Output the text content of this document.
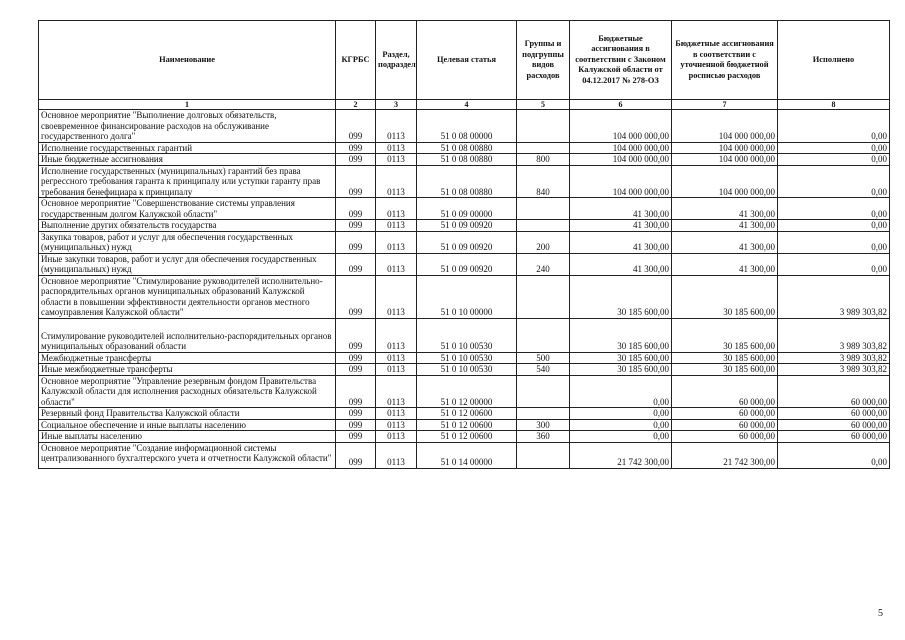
Наименование	КГРБС	Раздел, подраздел	Целевая статья	Группы и подгруппы видов расходов	Бюджетные ассигнования в соответствии с Законом Калужской области от 04.12.2017 № 278-ОЗ	Бюджетные ассигнования в соответствии с уточненной бюджетной росписью расходов	Исполнено
1	2	3	4	5	6	7	8
Основное мероприятие "Выполнение долговых обязательств, своевременное финансирование расходов на обслуживание государственного долга"	099	0113	51 0 08 00000		104 000 000,00	104 000 000,00	0,00
Исполнение государственных гарантий	099	0113	51 0 08 00880		104 000 000,00	104 000 000,00	0,00
Иные бюджетные ассигнования	099	0113	51 0 08 00880	800	104 000 000,00	104 000 000,00	0,00
Исполнение государственных (муниципальных) гарантий без права регрессного требования гаранта к принципалу или уступки гаранту прав требования бенефициара к принципалу	099	0113	51 0 08 00880	840	104 000 000,00	104 000 000,00	0,00
Основное мероприятие "Совершенствование системы управления государственным долгом Калужской области"	099	0113	51 0 09 00000		41 300,00	41 300,00	0,00
Выполнение других обязательств государства	099	0113	51 0 09 00920		41 300,00	41 300,00	0,00
Закупка товаров, работ и услуг для обеспечения государственных (муниципальных) нужд	099	0113	51 0 09 00920	200	41 300,00	41 300,00	0,00
Иные закупки товаров, работ и услуг для обеспечения государственных (муниципальных) нужд	099	0113	51 0 09 00920	240	41 300,00	41 300,00	0,00
Основное мероприятие "Стимулирование руководителей исполнительно-распорядительных органов муниципальных образований Калужской области в повышении эффективности деятельности органов местного самоуправления Калужской области"	099	0113	51 0 10 00000		30 185 600,00	30 185 600,00	3 989 303,82
Стимулирование руководителей исполнительно-распорядительных органов муниципальных образований области	099	0113	51 0 10 00530		30 185 600,00	30 185 600,00	3 989 303,82
Межбюджетные трансферты	099	0113	51 0 10 00530	500	30 185 600,00	30 185 600,00	3 989 303,82
Иные межбюджетные трансферты	099	0113	51 0 10 00530	540	30 185 600,00	30 185 600,00	3 989 303,82
Основное мероприятие "Управление резервным фондом Правительства Калужской области для исполнения расходных обязательств Калужской области"	099	0113	51 0 12 00000		0,00	60 000,00	60 000,00
Резервный фонд Правительства Калужской области	099	0113	51 0 12 00600		0,00	60 000,00	60 000,00
Социальное обеспечение и иные выплаты населению	099	0113	51 0 12 00600	300	0,00	60 000,00	60 000,00
Иные выплаты населению	099	0113	51 0 12 00600	360	0,00	60 000,00	60 000,00
Основное мероприятие "Создание информационной системы централизованного бухгалтерского учета и отчетности Калужской области"	099	0113	51 0 14 00000		21 742 300,00	21 742 300,00	0,00
5
